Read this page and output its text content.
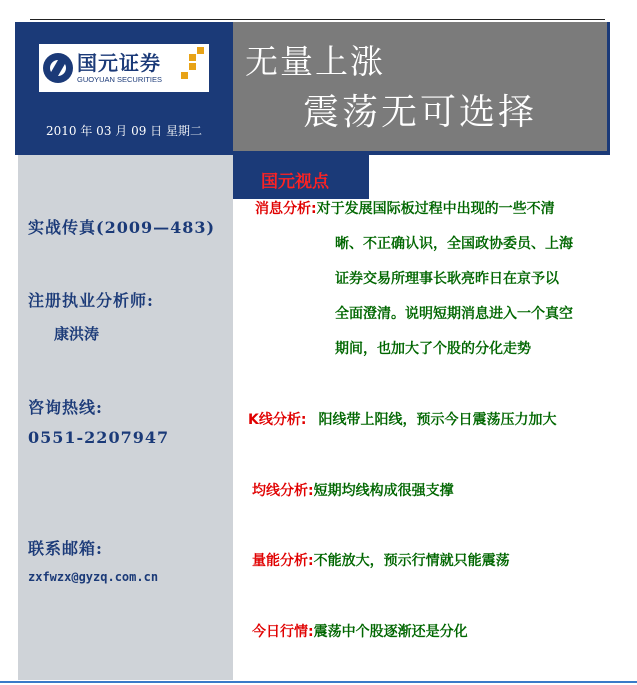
国元证券
GUOYUAN SECURITIES
2010 年 03 月 09 日 星期二
无量上涨
震荡无可选择
实战传真(2009—483)
注册执业分析师:
康洪涛
咨询热线:
0551-2207947
联系邮箱:
zxfwzx@gyzq.com.cn
国元视点
消息分析:对于发展国际板过程中出现的一些不清
晰、不正确认识，全国政协委员、上海
证券交易所理事长耿亮昨日在京予以
全面澄清。说明短期消息进入一个真空
期间，也加大了个股的分化走势
K线分析: 阳线带上阳线，预示今日震荡压力加大
均线分析:短期均线构成很强支撑
量能分析:不能放大，预示行情就只能震荡
今日行情:震荡中个股逐渐还是分化
